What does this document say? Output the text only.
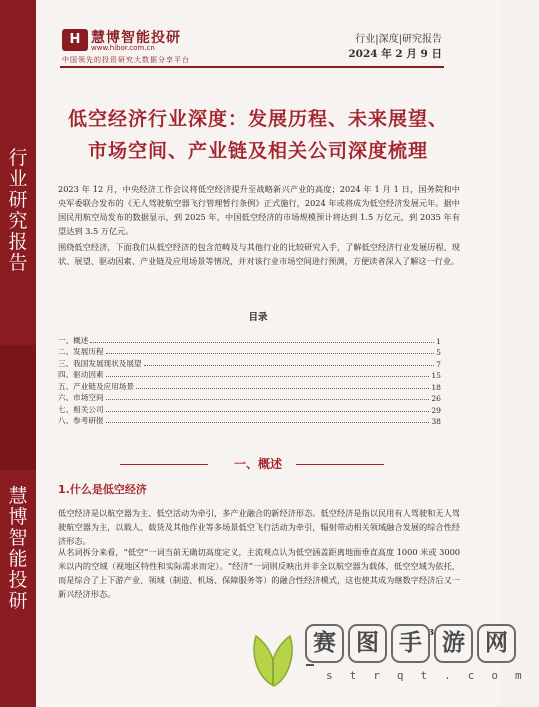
行
业
研
究
报
告
慧
博
智
能
投
研
H 慧博智能投研
www.hibor.com.cn
中国领先的投资研究大数据分享平台
行业|深度|研究报告
2024 年 2 月 9 日
低空经济行业深度：发展历程、未来展望、
市场空间、产业链及相关公司深度梳理
2023 年 12 月，中央经济工作会议将低空经济提升至战略新兴产业的高度；2024 年 1 月 1 日，国务院和中央军委联合发布的《无人驾驶航空器飞行管理暂行条例》正式施行，2024 年或将成为低空经济发展元年。据中国民用航空局发布的数据显示，到 2025 年，中国低空经济的市场规模预计将达到 1.5 万亿元，到 2035 年有望达到 3.5 万亿元。
围绕低空经济，下面我们从低空经济的包含范畴及与其他行业的比较研究入手，了解低空经济行业发展历程、现状、展望、驱动因素、产业链及应用场景等情况，并对该行业市场空间进行预测，方便读者深入了解这一行业。
目录
一、概述	1
二、发展历程	5
三、我国发展现状及展望	7
四、驱动因素	15
五、产业链及应用场景	18
六、市场空间	26
七、相关公司	29
八、参考研报	38
一、概述
1.什么是低空经济
低空经济是以航空器为主、低空活动为牵引，多产业融合的新经济形态。低空经济是指以民用有人驾驶和无人驾驶航空器为主，以载人、载货及其他作业等多场景低空飞行活动为牵引，辐射带动相关领域融合发展的综合性经济形态。
从名词拆分来看，“低空”一词当前无确切高度定义，主流观点认为低空涵盖距离地面垂直高度 1000 米或 3000 米以内的空域（视地区特性和实际需求而定）。“经济”一词则反映出并非全以航空器为载体、低空空域为依托，而是综合了上下游产业、领域（制造、机场、保障服务等）的融合性经济模式，这也使其成为继数字经济后又一新兴经济形态。
赛 图 手 游 网
strqt.com
